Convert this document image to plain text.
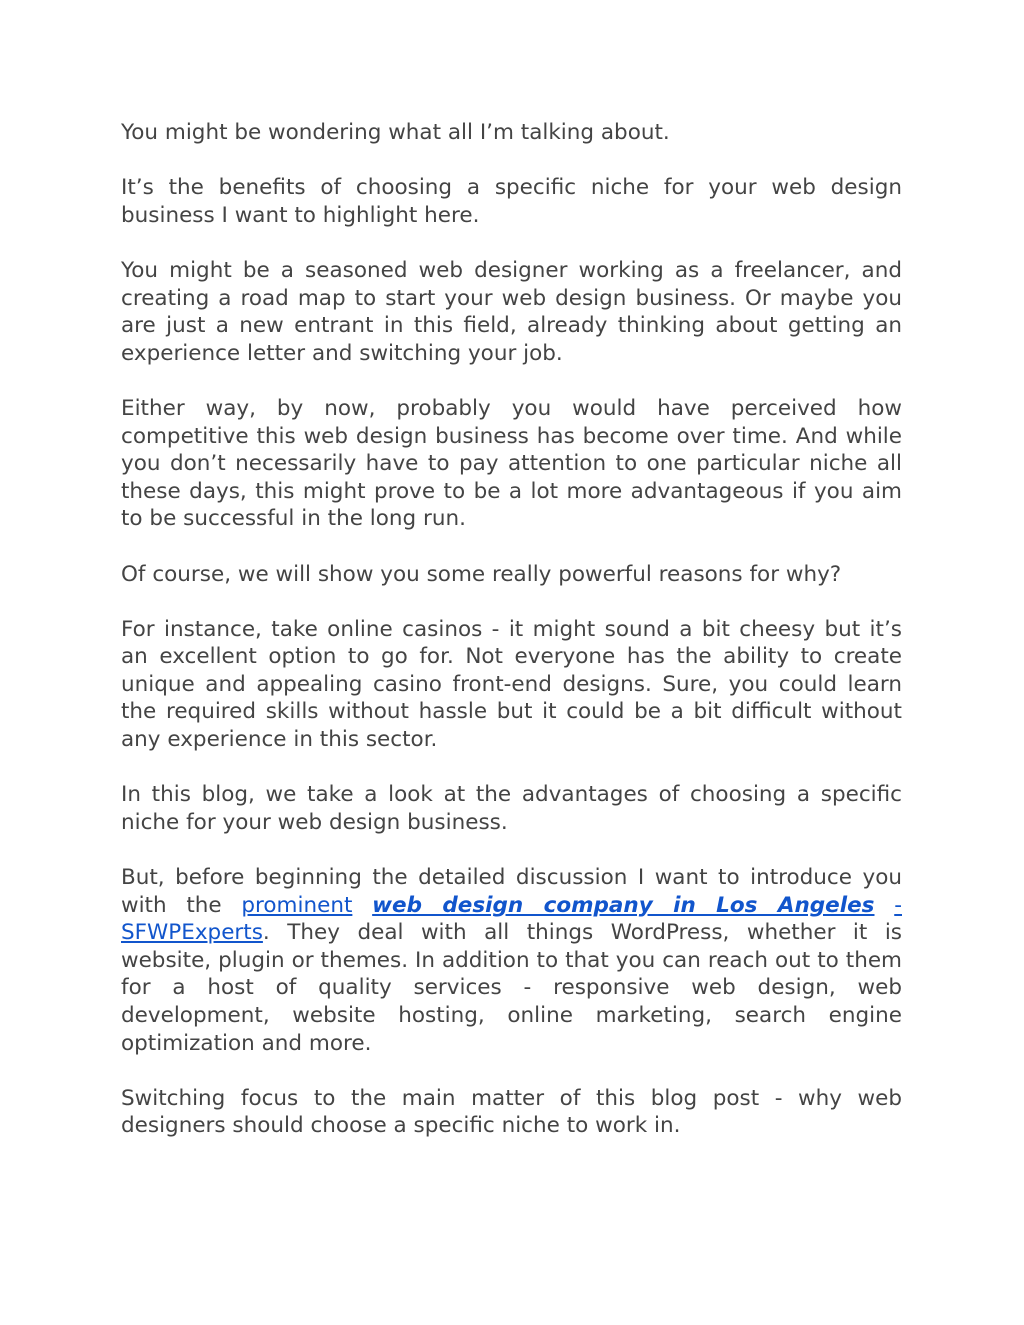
You might be wondering what all I’m talking about.

It’s the benefits of choosing a specific niche for your web design business I want to highlight here.

You might be a seasoned web designer working as a freelancer, and creating a road map to start your web design business. Or maybe you are just a new entrant in this field, already thinking about getting an experience letter and switching your job.

Either way, by now, probably you would have perceived how competitive this web design business has become over time. And while you don’t necessarily have to pay attention to one particular niche all these days, this might prove to be a lot more advantageous if you aim to be successful in the long run.

Of course, we will show you some really powerful reasons for why?

For instance, take online casinos - it might sound a bit cheesy but it’s an excellent option to go for. Not everyone has the ability to create unique and appealing casino front-end designs. Sure, you could learn the required skills without hassle but it could be a bit difficult without any experience in this sector.

In this blog, we take a look at the advantages of choosing a specific niche for your web design business.

But, before beginning the detailed discussion I want to introduce you with the prominent web design company in Los Angeles - SFWPExperts. They deal with all things WordPress, whether it is website, plugin or themes. In addition to that you can reach out to them for a host of quality services - responsive web design, web development, website hosting, online marketing, search engine optimization and more.

Switching focus to the main matter of this blog post - why web designers should choose a specific niche to work in.
